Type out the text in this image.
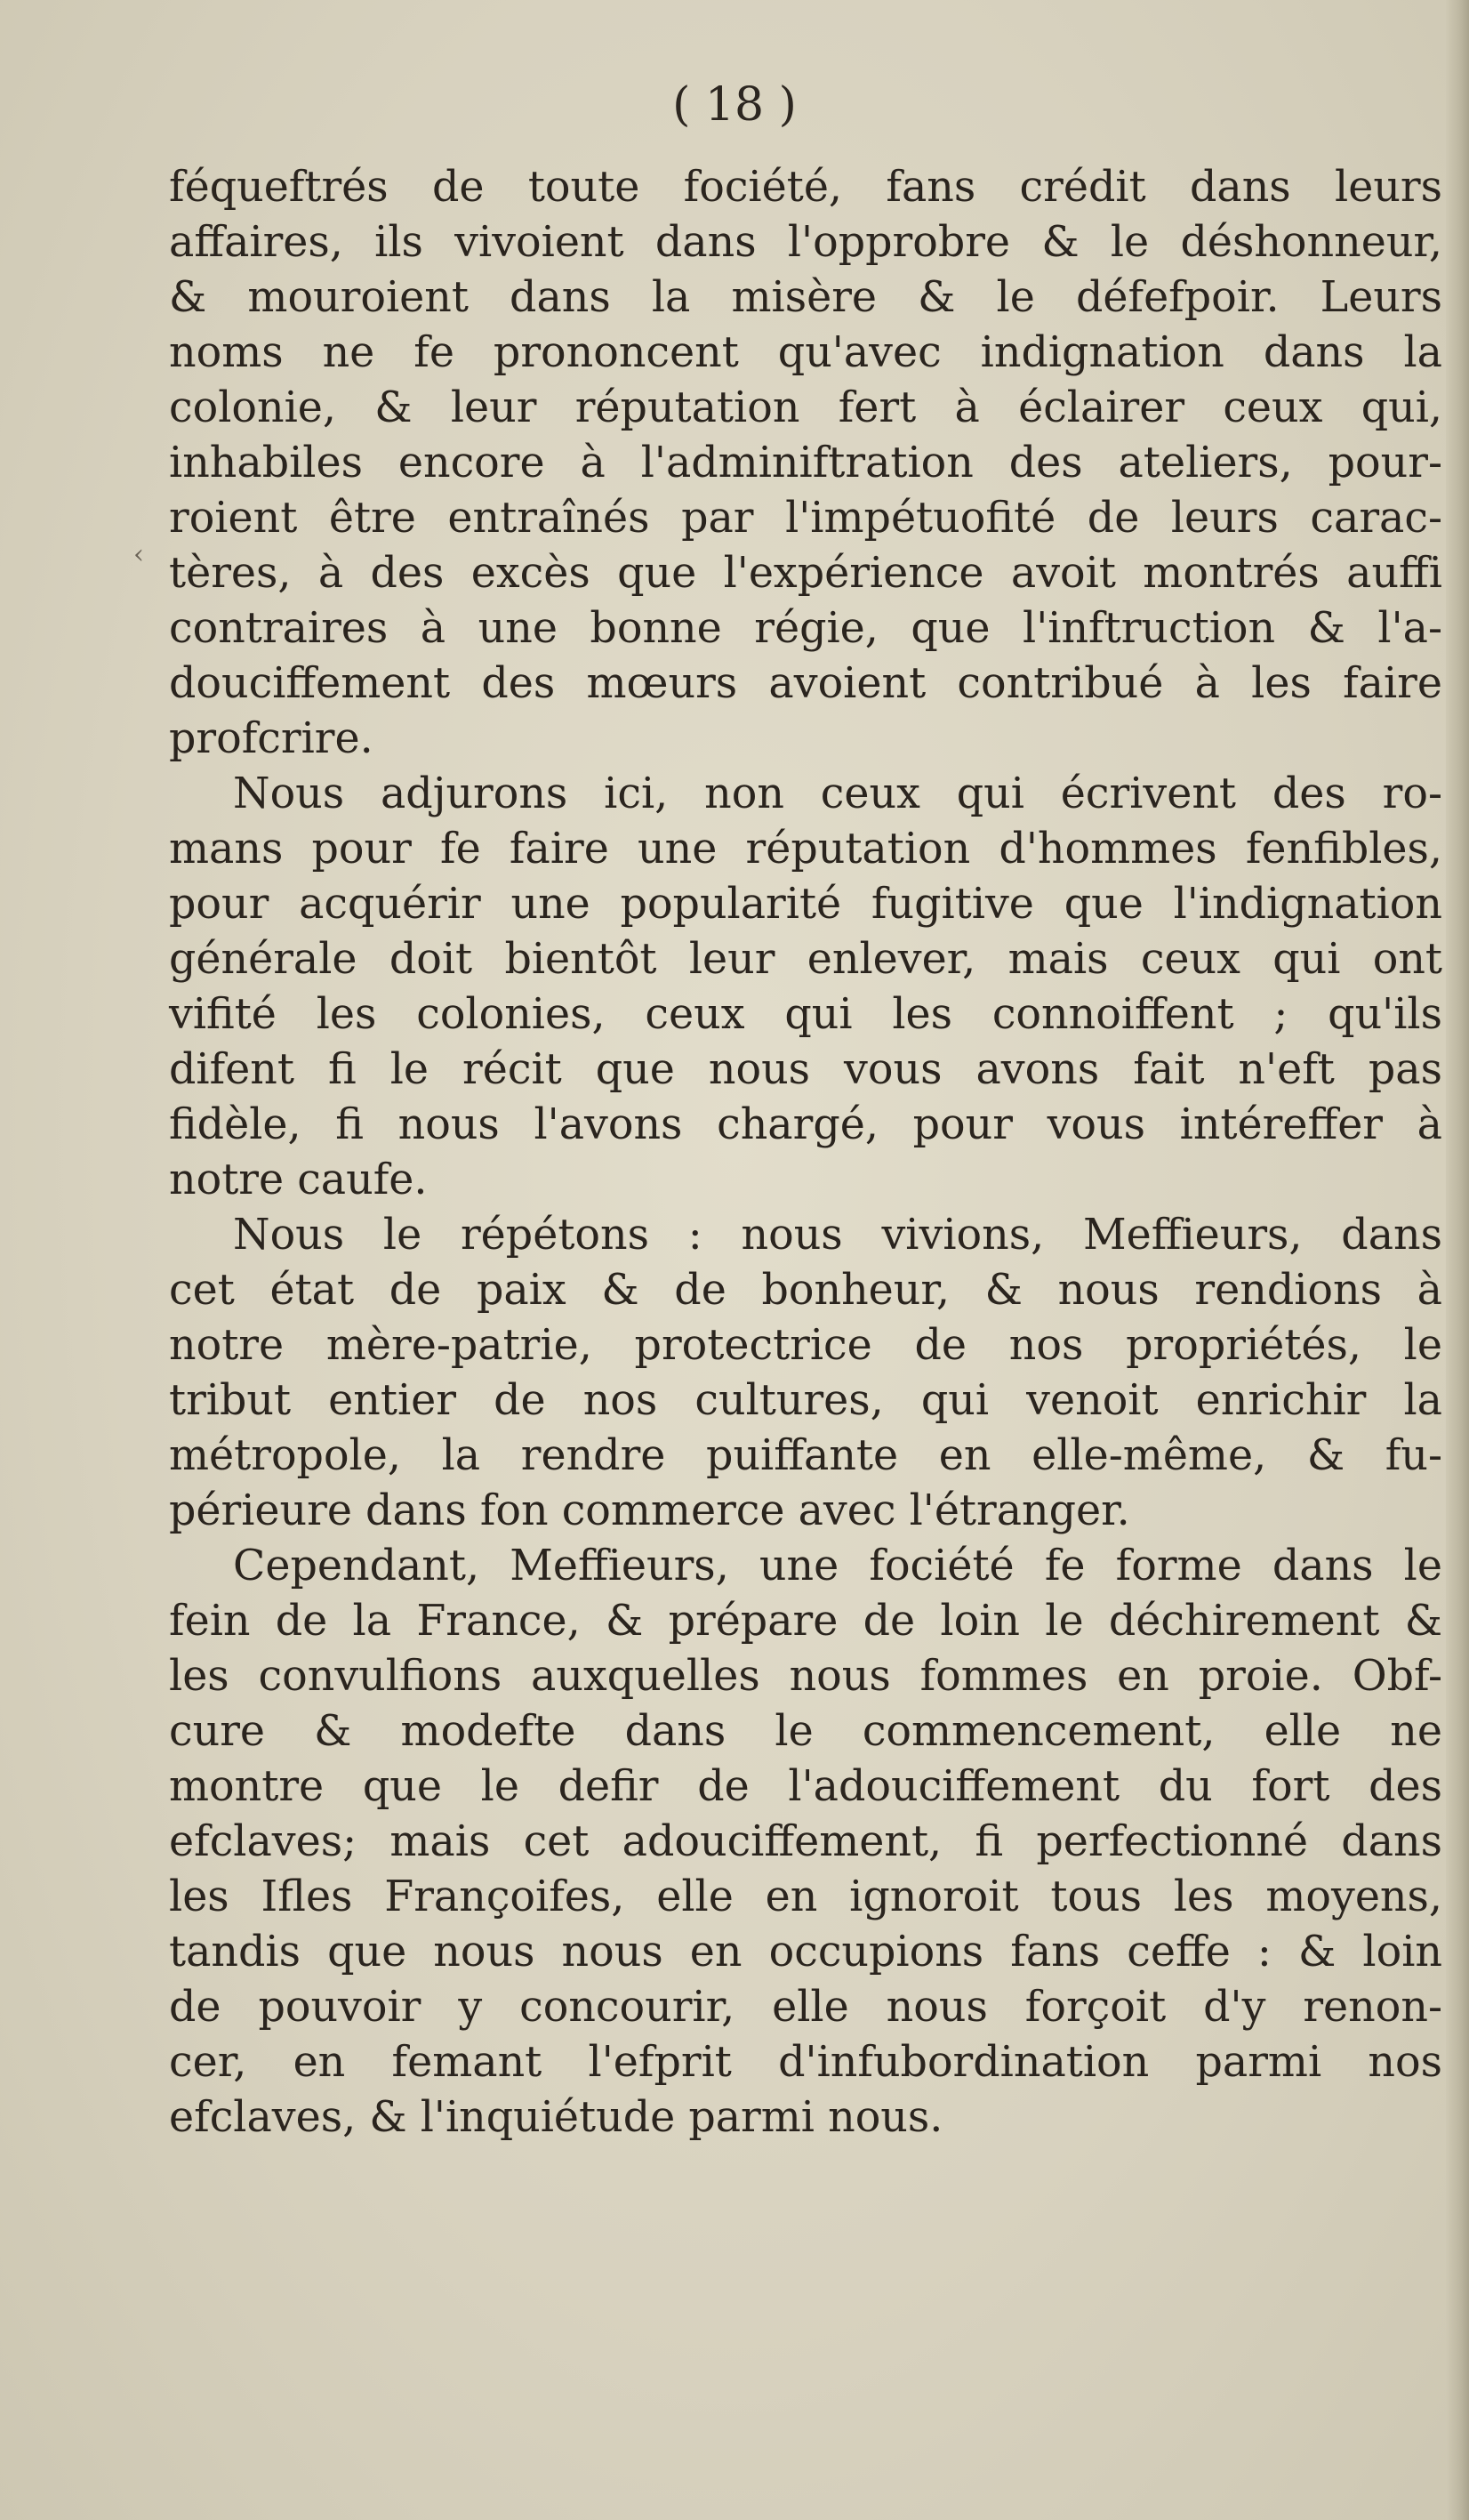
( 18 )
‹
féqueftrés de toute fociété, fans crédit dans leurs
affaires, ils vivoient dans l'opprobre & le déshonneur,
& mouroient dans la misère & le défefpoir. Leurs
noms ne fe prononcent qu'avec indignation dans la
colonie, & leur réputation fert à éclairer ceux qui,
inhabiles encore à l'adminiftration des ateliers, pour-
roient être entraînés par l'impétuofité de leurs carac-
tères, à des excès que l'expérience avoit montrés auffi
contraires à une bonne régie, que l'inftruction & l'a-
douciffement des mœurs avoient contribué à les faire
profcrire.
Nous adjurons ici, non ceux qui écrivent des ro-
mans pour fe faire une réputation d'hommes fenfibles,
pour acquérir une popularité fugitive que l'indignation
générale doit bientôt leur enlever, mais ceux qui ont
vifité les colonies, ceux qui les connoiffent ; qu'ils
difent fi le récit que nous vous avons fait n'eft pas
fidèle, fi nous l'avons chargé, pour vous intéreffer à
notre caufe.
Nous le répétons : nous vivions, Meffieurs, dans
cet état de paix & de bonheur, & nous rendions à
notre mère-patrie, protectrice de nos propriétés, le
tribut entier de nos cultures, qui venoit enrichir la
métropole, la rendre puiffante en elle-même, & fu-
périeure dans fon commerce avec l'étranger.
Cependant, Meffieurs, une fociété fe forme dans le
fein de la France, & prépare de loin le déchirement &
les convulfions auxquelles nous fommes en proie. Obf-
cure & modefte dans le commencement, elle ne
montre que le defir de l'adouciffement du fort des
efclaves; mais cet adouciffement, fi perfectionné dans
les Ifles Françoifes, elle en ignoroit tous les moyens,
tandis que nous nous en occupions fans ceffe : & loin
de pouvoir y concourir, elle nous forçoit d'y renon-
cer, en femant l'efprit d'infubordination parmi nos
efclaves, & l'inquiétude parmi nous.
